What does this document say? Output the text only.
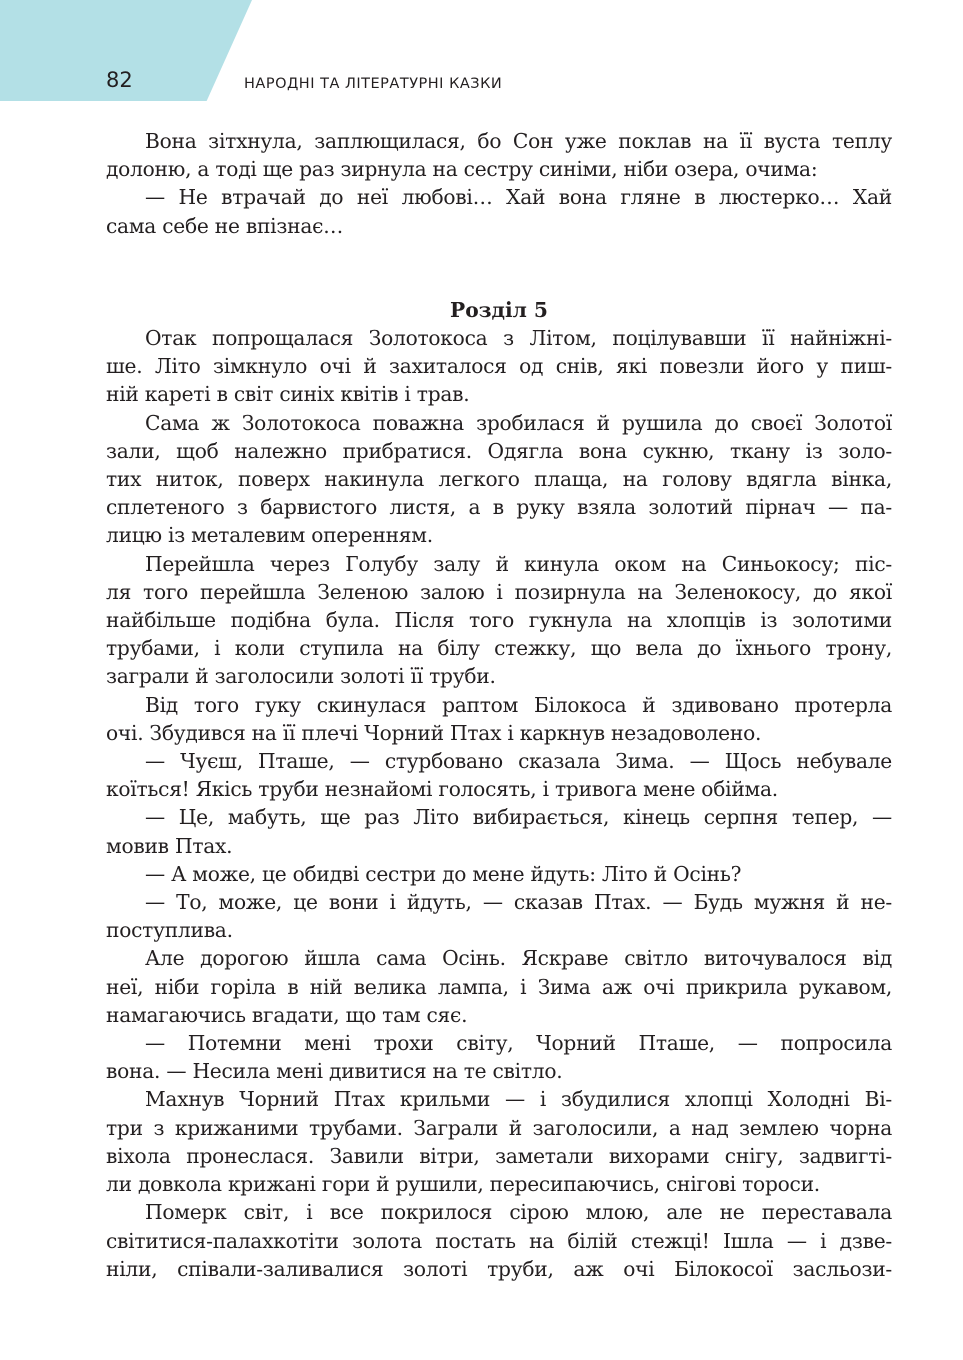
82	НАРОДНІ ТА ЛІТЕРАТУРНІ КАЗКИ

Вона зітхнула, заплющилася, бо Сон уже поклав на її вуста теплу

долоню, а тоді ще раз зирнула на сестру синіми, ніби озера, очима:

— Не втрачай до неї любові… Хай вона гляне в люстерко… Хай

сама себе не впізнає…

Розділ 5

Отак попрощалася Золотокоса з Літом, поцілувавши її найніжні-

ше. Літо зімкнуло очі й захиталося од снів, які повезли його у пиш-

ній кареті в світ синіх квітів і трав.

Сама ж Золотокоса поважна зробилася й рушила до своєї Золотої

зали, щоб належно прибратися. Одягла вона сукню, ткану із золо-

тих ниток, поверх накинула легкого плаща, на голову вдягла вінка,

сплетеного з барвистого листя, а в руку взяла золотий пірнач — па-

лицю із металевим оперенням.

Перейшла через Голубу залу й кинула оком на Синьокосу; піс-

ля того перейшла Зеленою залою і позирнула на Зеленокосу, до якої

найбільше подібна була. Після того гукнула на хлопців із золотими

трубами, і коли ступила на білу стежку, що вела до їхнього трону,

заграли й заголосили золоті її труби.

Від того гуку скинулася раптом Білокоса й здивовано протерла

очі. Збудився на її плечі Чорний Птах і каркнув незадоволено.

— Чуєш, Пташе, — стурбовано сказала Зима. — Щось небувале

коїться! Якісь труби незнайомі голосять, і тривога мене обійма.

— Це, мабуть, ще раз Літо вибирається, кінець серпня тепер, —

мовив Птах.

— А може, це обидві сестри до мене йдуть: Літо й Осінь?

— То, може, це вони і йдуть, — сказав Птах. — Будь мужня й не-

поступлива.

Але дорогою йшла сама Осінь. Яскраве світло виточувалося від

неї, ніби горіла в ній велика лампа, і Зима аж очі прикрила рукавом,

намагаючись вгадати, що там сяє.

— Потемни мені трохи світу, Чорний Пташе, — попросила

вона. — Несила мені дивитися на те світло.

Махнув Чорний Птах крильми — і збудилися хлопці Холодні Ві-

три з крижаними трубами. Заграли й заголосили, а над землею чорна

віхола пронеслася. Завили вітри, заметали вихорами снігу, задвигті-

ли довкола крижані гори й рушили, пересипаючись, снігові тороси.

Померк світ, і все покрилося сірою млою, але не переставала

світитися-палахкотіти золота постать на білій стежці! Ішла — і дзве-

ніли, співали-заливалися золоті труби, аж очі Білокосої засльози-
